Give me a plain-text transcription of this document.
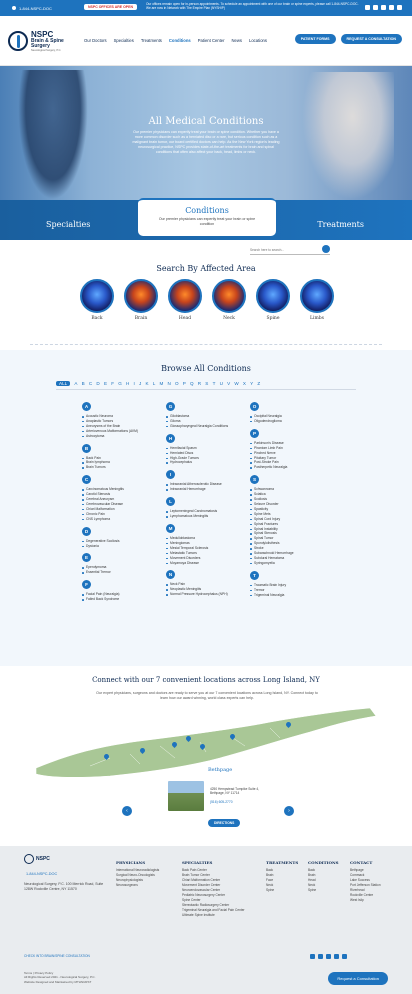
1-844-NSPC-DOC	NSPC OFFICES ARE OPEN
Our offices remain open for in-person appointments. To schedule an appointment with one of our brain or spine experts, please call 1-844-NSPC-DOC. We are now in Network with The Empire Plan (NYSHIP)
NSPC
Brain & Spine
Surgery
Neurological Surgery, P.C.
Our Doctors Specialties Treatments Conditions Patient Center News Locations	PATIENT FORMS	REQUEST A CONSULTATION
All Medical Conditions
Our premier physicians can expertly treat your brain or spine condition. Whether you have a more common disorder such as a herniated disc or a rare, but serious condition such as a malignant brain tumor, our board certified doctors can help. As the New York region's leading neurosurgical practice, NSPC provides state-of-the-art treatments for brain and spinal conditions that often also affect your back, head, limbs or neck.
Specialties
Conditions
Our premier physicians can expertly treat your brain or spine condition	Treatments
Search here to search...
Search By Affected Area
Back	Brain	Head	Neck	Spine	Limbs
Browse All Conditions
ALL	A B C D E F G H I J K L M N O P Q R S T U V W X Y Z
A
Acoustic Neuroma
Anaplastic Tumors
Aneurysms of the Brain
Arteriovenous Malformations (AVM)
Astrocytoma
B
Back Pain
Brain lymphoma
Brain Tumors
C
Carcinomatous Meningitis
Carotid Stenosis
Cerebral Aneurysm
Cerebrovascular Disease
Chiari Malformation
Chronic Pain
CNS Lymphoma
D
Degenerative Scoliosis
Dystonia
E
Ependymoma
Essential Tremor
F
Facial Pain (Neuralgia)
Failed Back Syndrome
G
Glioblastoma
Glioma
Glossopharyngeal Neuralgia Conditions
H
Hemifacial Spasm
Herniated Discs
High-Grade Tumors
Hydrocephalus
I
Intracranial Atherosclerotic Disease
Intracranial Hemorrhage
L
Leptomeningeal Carcinomatosis
Lymphomatous Meningitis
M
Medulloblastoma
Meningiomas
Mesial Temporal Sclerosis
Metastatic Tumors
Movement Disorders
Moyamoya Disease
N
Neck Pain
Neoplastic Meningitis
Normal Pressure Hydrocephalus (NPH)
O
Occipital Neuralgia
Oligodendroglioma
P
Parkinson's Disease
Phantom Limb Pain
Pinched Nerve
Pituitary Tumor
Post-Stroke Pain
Postherpetic Neuralgia
S
Schwannoma
Sciatica
Scoliosis
Seizure Disorder
Spasticity
Spine Mets
Spinal Cord Injury
Spinal Fractures
Spinal Instability
Spinal Stenosis
Spinal Tumor
Spondylolisthesis
Stroke
Subarachnoid Hemorrhage
Subdural Hematoma
Syringomyelia
T
Traumatic Brain Injury
Tremor
Trigeminal Neuralgia
Connect with our 7 convenient locations across Long Island, NY
Our expert physicians, surgeons and doctors are ready to serve you at our 7 convenient locations across Long Island, NY. Connect today to learn how our award winning, world class experts can help.
‹	›
Bethpage
4250 Hempstead Turnpike Suite 4, Bethpage, NY 11714
(516) 605-2770
DIRECTIONS
NSPC
1-844-NSPC-DOC
Neurological Surgery, P.C. 100 Merrick Road, Suite 128W Rockville Centre, NY 11570
PHYSICIANS
International Neuroradiologists
Surgical Neuro-Oncologists
Neurophysiologists
Neurosurgeons
SPECIALTIES
Back Pain Center
Brain Tumor Center
Chiari Malformation Center
Movement Disorder Center
Neuroendovascular Center
Pediatric Neurosurgery Center
Spine Center
Stereotactic Radiosurgery Center
Trigeminal Neuralgia and Facial Pain Center
Ultimate Spine Institute
TREATMENTS
Back
Brain
Face
Neck
Spine
CONDITIONS
Back
Brain
Head
Neck
Spine
CONTACT
Bethpage
Commack
Lake Success
Port Jefferson Station
Riverhead
Rockville Centre
West Islip
CHECK INTO BRAIN/SPINE CONSULTATION
Terms | Privacy Policy
All Rights Reserved 2021 - Neurological Surgery, P.C.
Website Designed and Maintained by MTHNURST
Request a Consultation
